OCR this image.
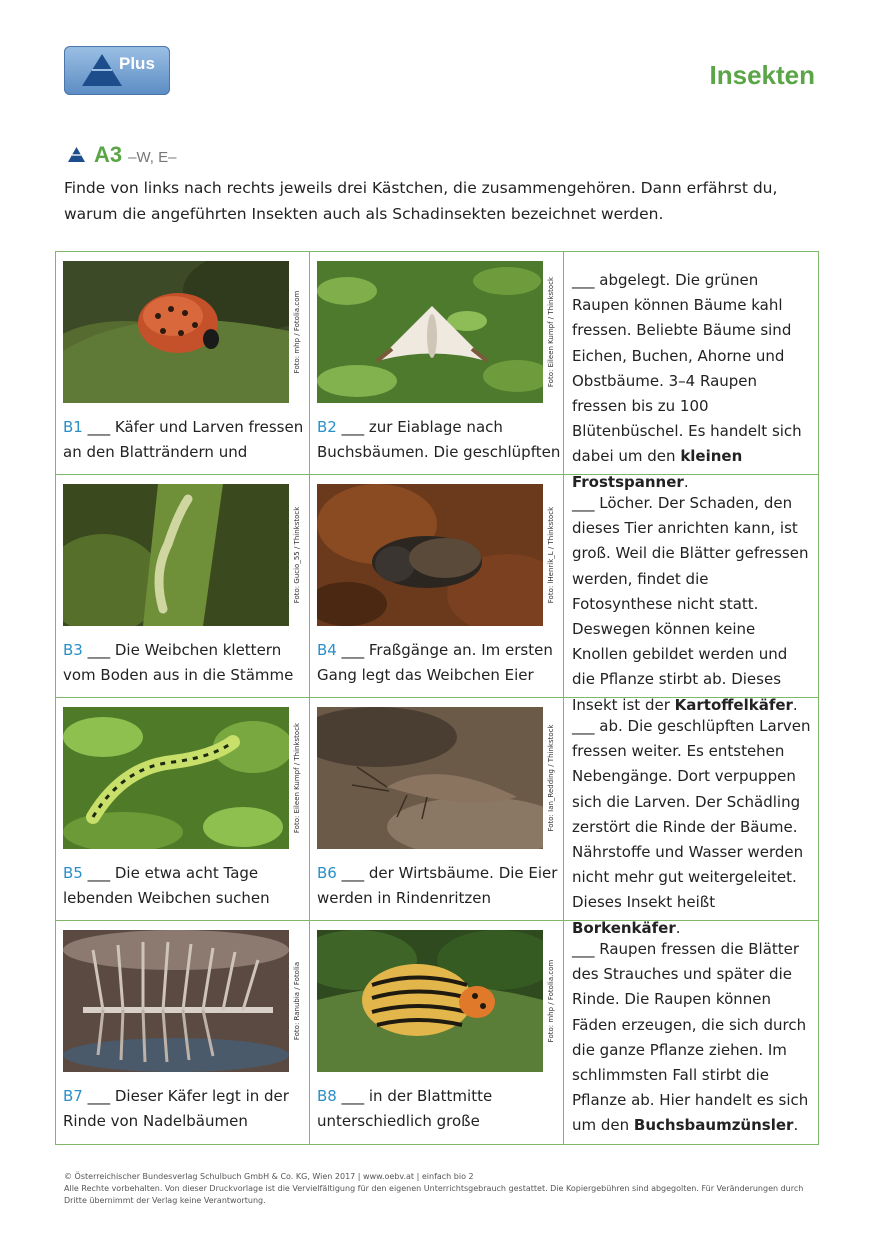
Plus	Insekten
A3 –W, E–
Finde von links nach rechts jeweils drei Kästchen, die zusammengehören. Dann erfährst du, warum die angeführten Insekten auch als Schadinsekten bezeichnet werden.
Foto: mhp / Fotolia.com
B1 ___ Käfer und Larven fressen an den Blatträndern und
Foto: Eileen Kumpf / Thinkstock
B2 ___ zur Eiablage nach Buchsbäumen. Die geschlüpften
___ abgelegt. Die grünen Raupen können Bäume kahl fressen. Beliebte Bäume sind Eichen, Buchen, Ahorne und Obstbäume. 3–4 Raupen fressen bis zu 100 Blütenbüschel. Es handelt sich dabei um den kleinen Frostspanner.
Foto: Gucio_55 / Thinkstock
B3 ___ Die Weibchen klettern vom Boden aus in die Stämme
Foto: lHenrik_L / Thinkstock
B4 ___ Fraßgänge an. Im ersten Gang legt das Weibchen Eier
___ Löcher. Der Schaden, den dieses Tier anrichten kann, ist groß. Weil die Blätter gefressen werden, findet die Fotosynthese nicht statt. Deswegen können keine Knollen gebildet werden und die Pflanze stirbt ab. Dieses Insekt ist der Kartoffelkäfer.
Foto: Eileen Kumpf / Thinkstock
B5 ___ Die etwa acht Tage lebenden Weibchen suchen
Foto: Ian_Redding / Thinkstock
B6 ___ der Wirtsbäume. Die Eier werden in Rindenritzen
___ ab. Die geschlüpften Larven fressen weiter. Es entstehen Nebengänge. Dort verpuppen sich die Larven. Der Schädling zerstört die Rinde der Bäume. Nährstoffe und Wasser werden nicht mehr gut weitergeleitet. Dieses Insekt heißt Borkenkäfer.
Foto: Ranubia / Fotolia
B7 ___ Dieser Käfer legt in der Rinde von Nadelbäumen
Foto: mhp / Fotolia.com
B8 ___ in der Blattmitte unterschiedlich große
___ Raupen fressen die Blätter des Strauches und später die Rinde. Die Raupen können Fäden erzeugen, die sich durch die ganze Pflanze ziehen. Im schlimmsten Fall stirbt die Pflanze ab. Hier handelt es sich um den Buchsbaumzünsler.
© Österreichischer Bundesverlag Schulbuch GmbH & Co. KG, Wien 2017 | www.oebv.at | einfach bio 2
Alle Rechte vorbehalten. Von dieser Druckvorlage ist die Vervielfältigung für den eigenen Unterrichtsgebrauch gestattet. Die Kopiergebühren sind abgegolten. Für Veränderungen durch Dritte übernimmt der Verlag keine Verantwortung.
